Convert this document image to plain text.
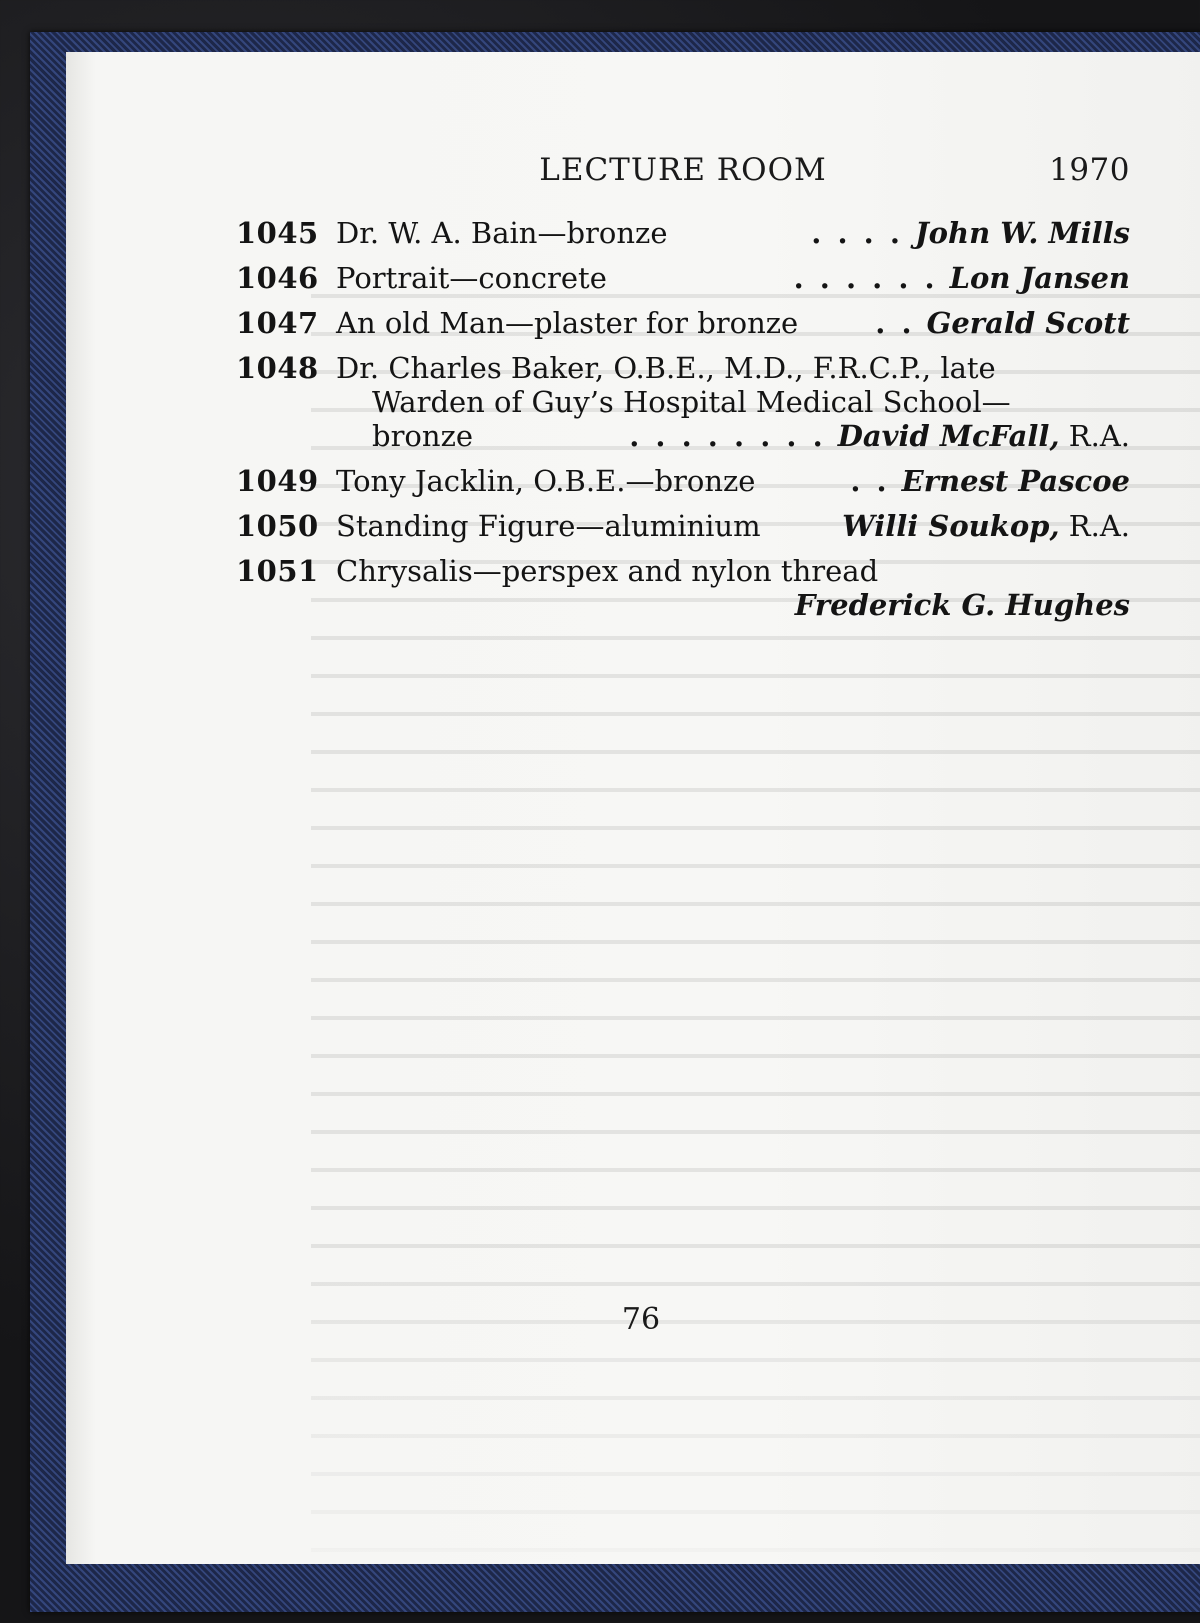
LECTURE ROOM	1970
1045 Dr. W. A. Bain—bronze	. . . . John W. Mills
1046 Portrait—concrete	. . . . . . Lon Jansen
1047 An old Man—plaster for bronze	. . Gerald Scott
1048 Dr. Charles Baker, O.B.E., M.D., F.R.C.P., late
Warden of Guy’s Hospital Medical School—
bronze	. . . . . . . . David McFall, R.A.
1049 Tony Jacklin, O.B.E.—bronze	. . Ernest Pascoe
1050 Standing Figure—aluminium	Willi Soukop, R.A.
1051 Chrysalis—perspex and nylon thread
Frederick G. Hughes
76
